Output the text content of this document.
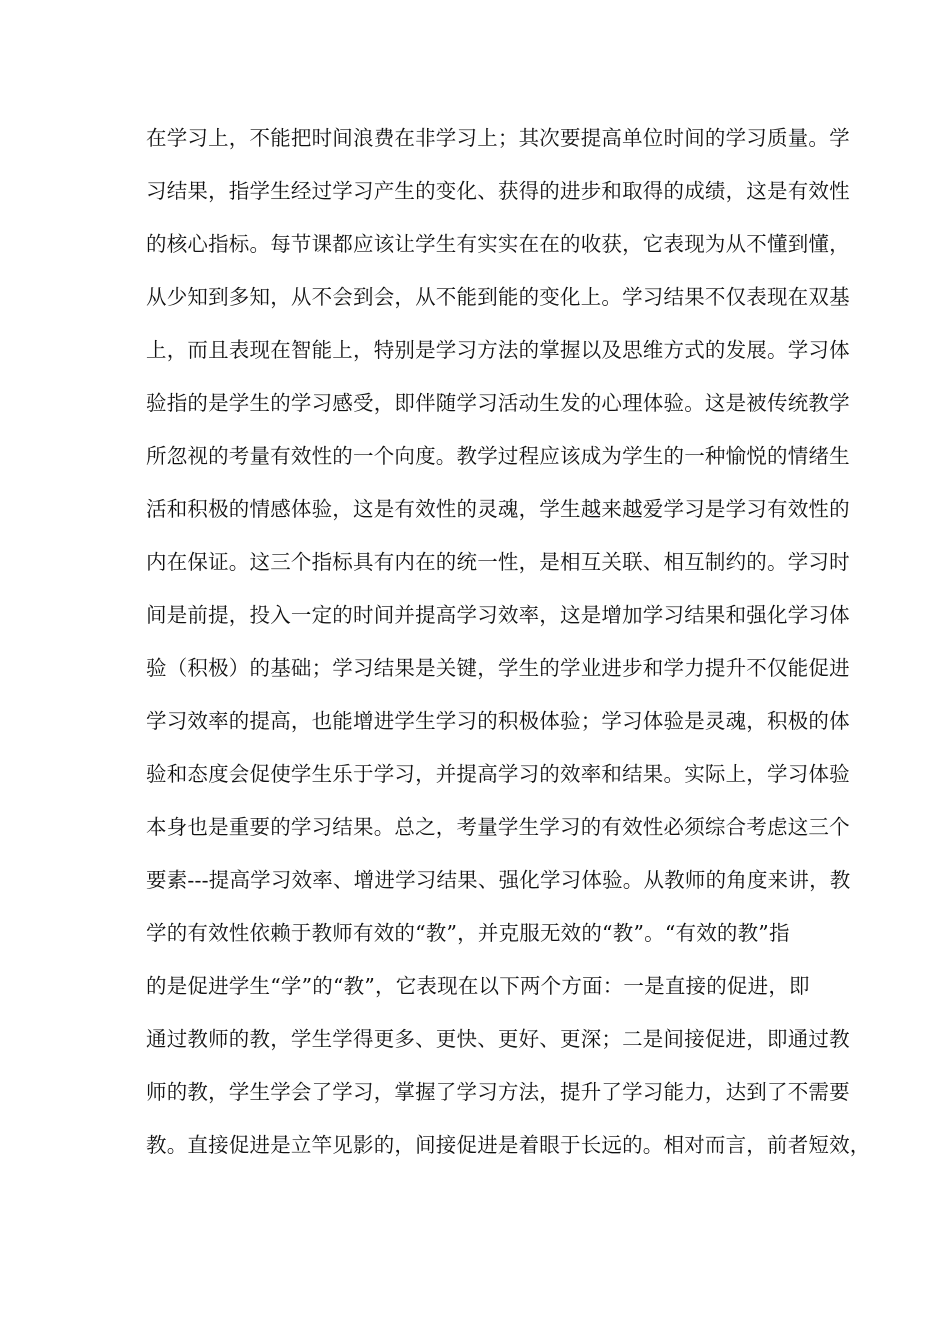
在学习上，不能把时间浪费在非学习上；其次要提高单位时间的学习质量。学
习结果，指学生经过学习产生的变化、获得的进步和取得的成绩，这是有效性
的核心指标。每节课都应该让学生有实实在在的收获，它表现为从不懂到懂，
从少知到多知，从不会到会，从不能到能的变化上。学习结果不仅表现在双基
上，而且表现在智能上，特别是学习方法的掌握以及思维方式的发展。学习体
验指的是学生的学习感受，即伴随学习活动生发的心理体验。这是被传统教学
所忽视的考量有效性的一个向度。教学过程应该成为学生的一种愉悦的情绪生
活和积极的情感体验，这是有效性的灵魂，学生越来越爱学习是学习有效性的
内在保证。这三个指标具有内在的统一性，是相互关联、相互制约的。学习时
间是前提，投入一定的时间并提高学习效率，这是增加学习结果和强化学习体
验（积极）的基础；学习结果是关键，学生的学业进步和学力提升不仅能促进
学习效率的提高，也能增进学生学习的积极体验；学习体验是灵魂，积极的体
验和态度会促使学生乐于学习，并提高学习的效率和结果。实际上，学习体验
本身也是重要的学习结果。总之，考量学生学习的有效性必须综合考虑这三个
要素---提高学习效率、增进学习结果、强化学习体验。从教师的角度来讲，教
学的有效性依赖于教师有效的“教”，并克服无效的“教”。“有效的教”指
的是促进学生“学”的“教”，它表现在以下两个方面：一是直接的促进，即
通过教师的教，学生学得更多、更快、更好、更深；二是间接促进，即通过教
师的教，学生学会了学习，掌握了学习方法，提升了学习能力，达到了不需要
教。直接促进是立竿见影的，间接促进是着眼于长远的。相对而言，前者短效，
